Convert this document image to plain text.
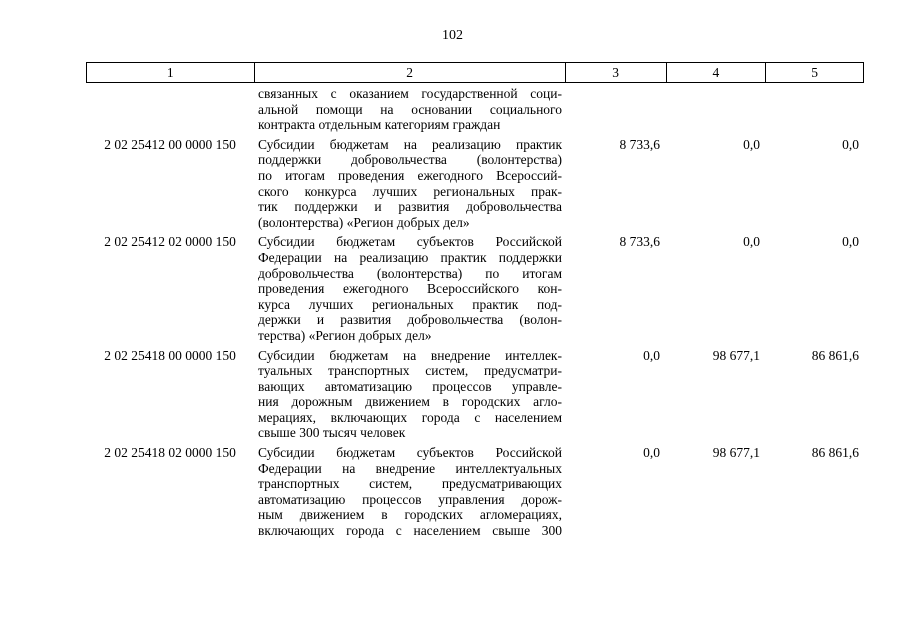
102
1	2	3	4	5
связанных с оказанием государственной соци-
альной помощи на основании социального
контракта отдельным категориям граждан
2 02 25412 00 0000 150	Субсидии бюджетам на реализацию практик
поддержки добровольчества (волонтерства)
по итогам проведения ежегодного Всероссий-
ского конкурса лучших региональных прак-
тик поддержки и развития добровольчества
(волонтерства) «Регион добрых дел»
8 733,6	0,0	0,0
2 02 25412 02 0000 150	Субсидии бюджетам субъектов Российской
Федерации на реализацию практик поддержки
добровольчества (волонтерства) по итогам
проведения ежегодного Всероссийского кон-
курса лучших региональных практик под-
держки и развития добровольчества (волон-
терства) «Регион добрых дел»
8 733,6	0,0	0,0
2 02 25418 00 0000 150	Субсидии бюджетам на внедрение интеллек-
туальных транспортных систем, предусматри-
вающих автоматизацию процессов управле-
ния дорожным движением в городских агло-
мерациях, включающих города с населением
свыше 300 тысяч человек
0,0	98 677,1	86 861,6
2 02 25418 02 0000 150	Субсидии бюджетам субъектов Российской
Федерации на внедрение интеллектуальных
транспортных систем, предусматривающих
автоматизацию процессов управления дорож-
ным движением в городских агломерациях,
включающих города с населением свыше 300
0,0	98 677,1	86 861,6
